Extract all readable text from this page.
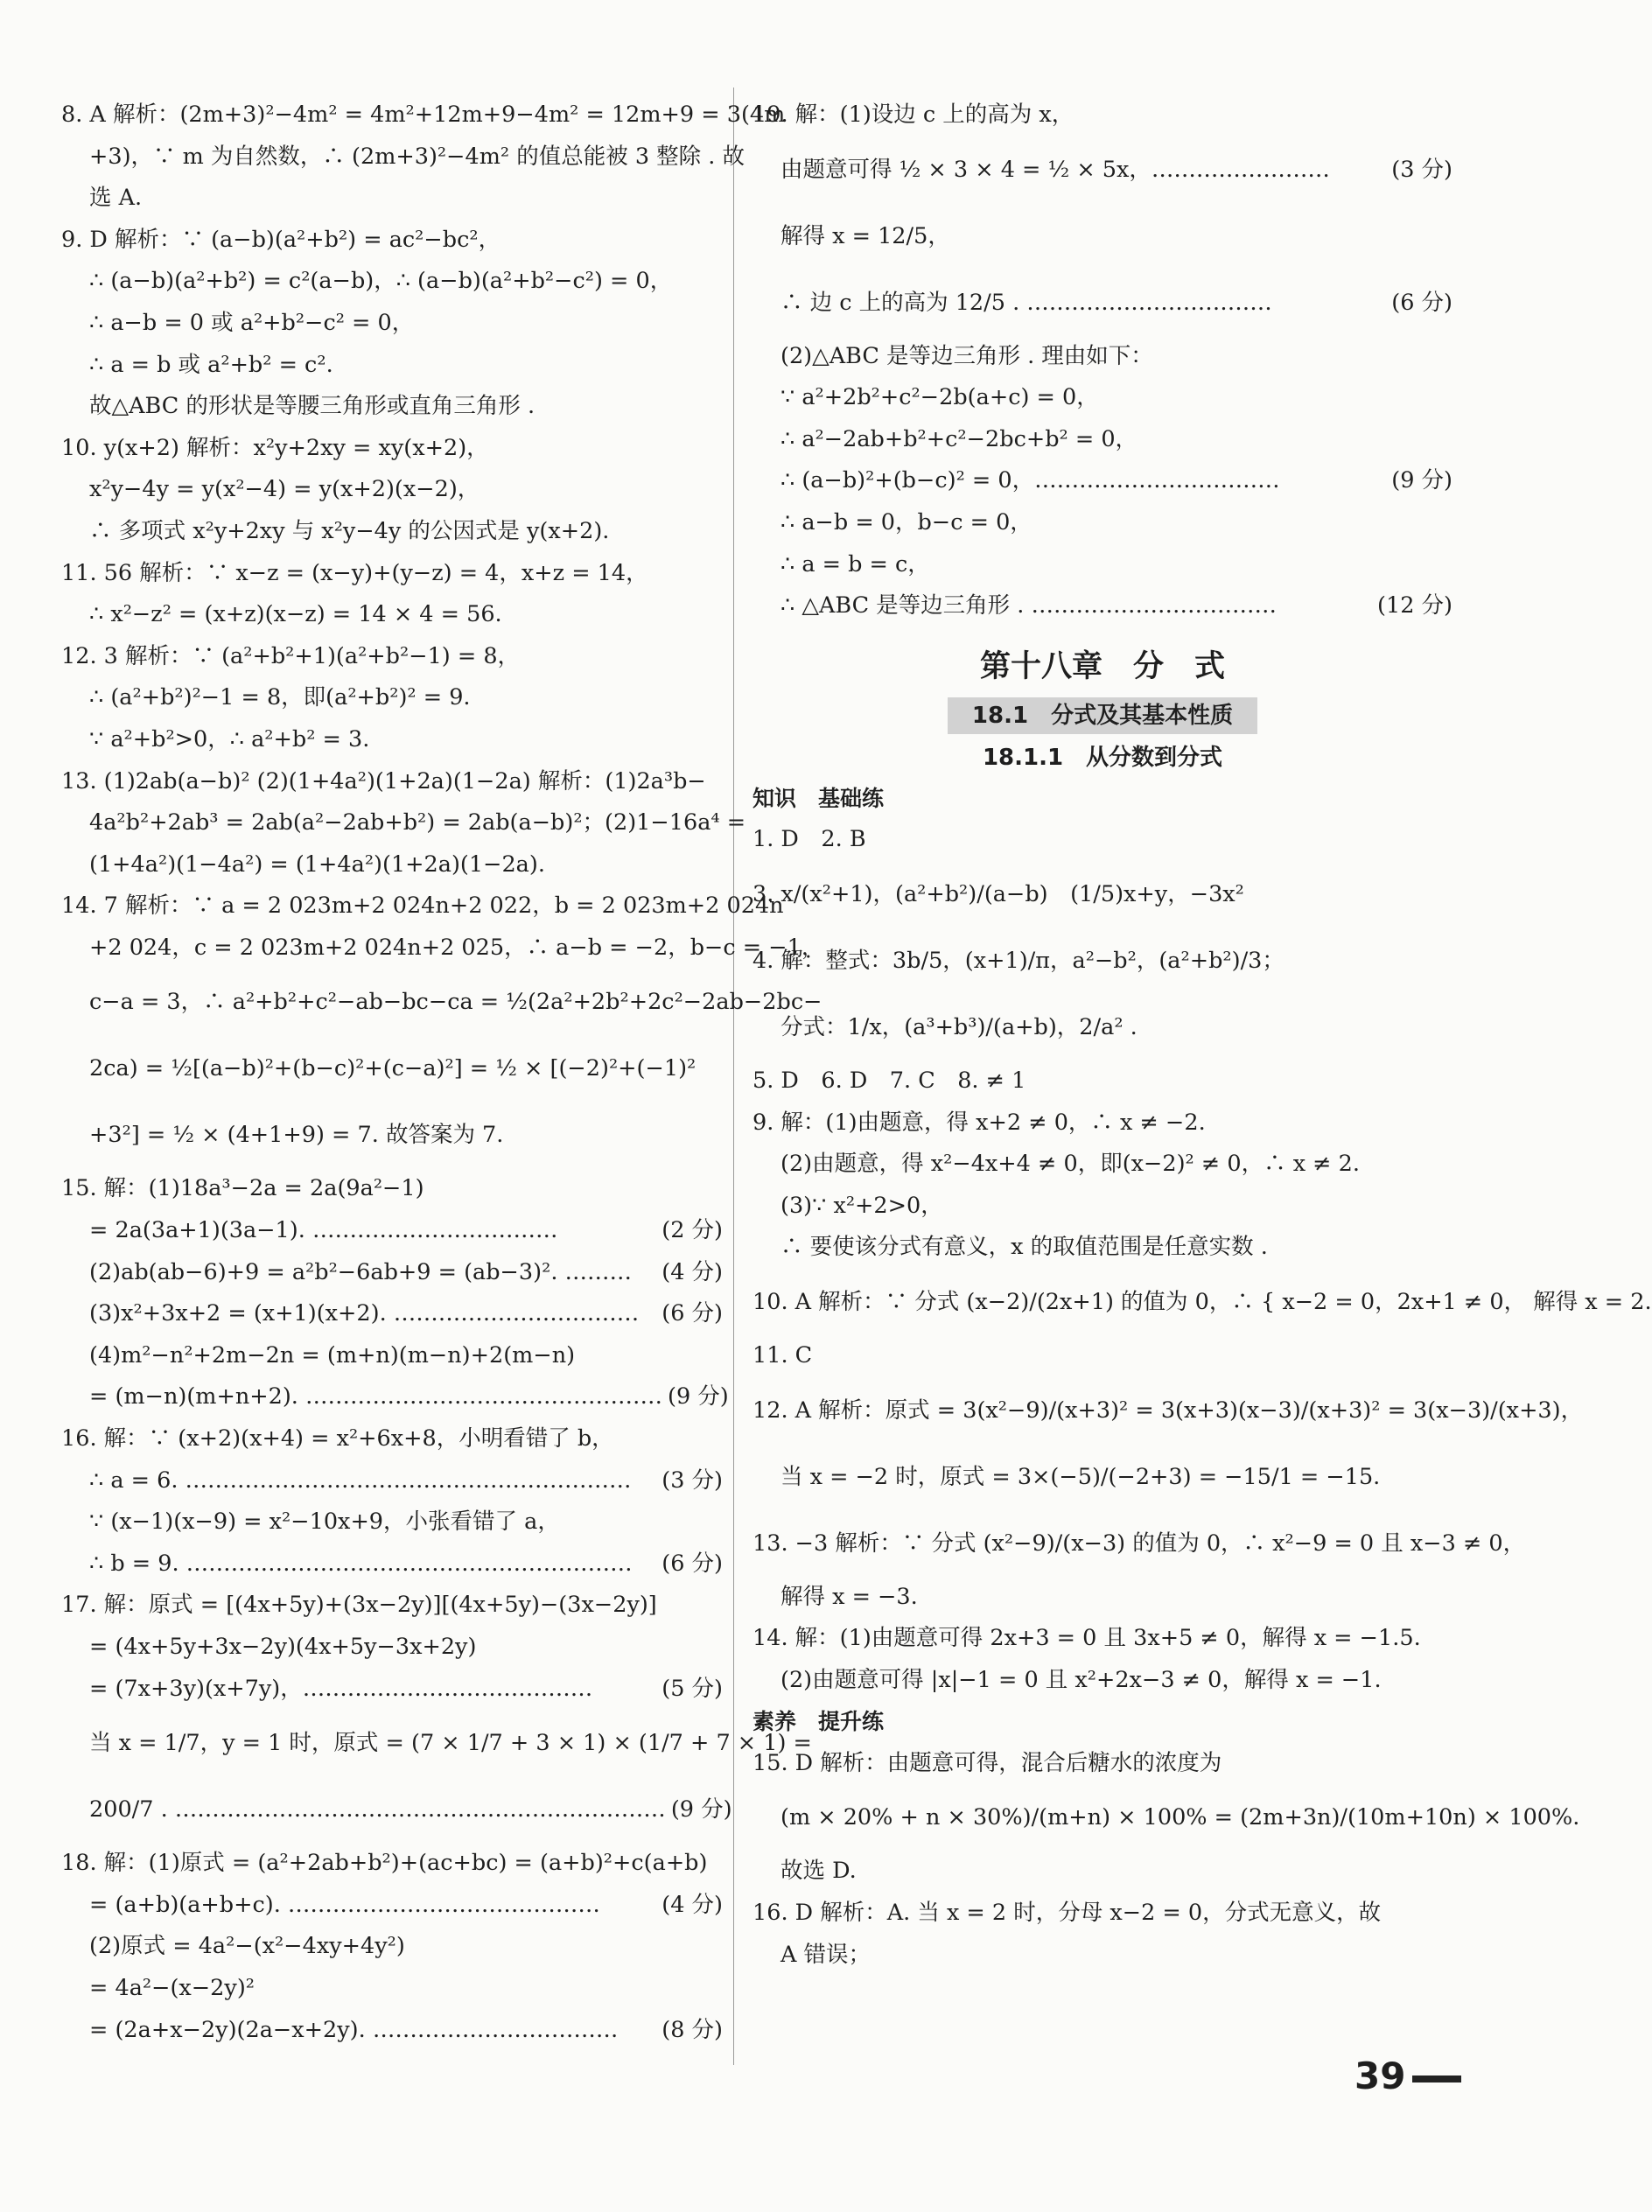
8. A 解析：(2m+3)²−4m² = 4m²+12m+9−4m² = 12m+9 = 3(4m
+3)，∵ m 为自然数，∴ (2m+3)²−4m² 的值总能被 3 整除 . 故
选 A.
9. D 解析：∵ (a−b)(a²+b²) = ac²−bc²，
∴ (a−b)(a²+b²) = c²(a−b)，∴ (a−b)(a²+b²−c²) = 0，
∴ a−b = 0 或 a²+b²−c² = 0，
∴ a = b 或 a²+b² = c².
故△ABC 的形状是等腰三角形或直角三角形 .
10. y(x+2) 解析：x²y+2xy = xy(x+2)，
x²y−4y = y(x²−4) = y(x+2)(x−2)，
∴ 多项式 x²y+2xy 与 x²y−4y 的公因式是 y(x+2).
11. 56 解析：∵ x−z = (x−y)+(y−z) = 4，x+z = 14，
∴ x²−z² = (x+z)(x−z) = 14 × 4 = 56.
12. 3 解析：∵ (a²+b²+1)(a²+b²−1) = 8，
∴ (a²+b²)²−1 = 8，即(a²+b²)² = 9.
∵ a²+b²>0，∴ a²+b² = 3.
13. (1)2ab(a−b)² (2)(1+4a²)(1+2a)(1−2a) 解析：(1)2a³b−
4a²b²+2ab³ = 2ab(a²−2ab+b²) = 2ab(a−b)²；(2)1−16a⁴ =
(1+4a²)(1−4a²) = (1+4a²)(1+2a)(1−2a).
14. 7 解析：∵ a = 2 023m+2 024n+2 022，b = 2 023m+2 024n
+2 024，c = 2 023m+2 024n+2 025，∴ a−b = −2，b−c = −1，
c−a = 3，∴ a²+b²+c²−ab−bc−ca = ½(2a²+2b²+2c²−2ab−2bc−
2ca) = ½[(a−b)²+(b−c)²+(c−a)²] = ½ × [(−2)²+(−1)²
+3²] = ½ × (4+1+9) = 7. 故答案为 7.
15. 解：(1)18a³−2a = 2a(9a²−1)
= 2a(3a+1)(3a−1). ……………………………	(2 分)
(2)ab(ab−6)+9 = a²b²−6ab+9 = (ab−3)². ……… (4 分)
(3)x²+3x+2 = (x+1)(x+2). …………………………… (6 分)
(4)m²−n²+2m−2n = (m+n)(m−n)+2(m−n)
= (m−n)(m+n+2). ………………………………………… (9 分)
16. 解：∵ (x+2)(x+4) = x²+6x+8，小明看错了 b，
∴ a = 6. …………………………………………………… (3 分)
∵ (x−1)(x−9) = x²−10x+9，小张看错了 a，
∴ b = 9. …………………………………………………… (6 分)
17. 解：原式 = [(4x+5y)+(3x−2y)][(4x+5y)−(3x−2y)]
= (4x+5y+3x−2y)(4x+5y−3x+2y)
= (7x+3y)(x+7y)，…………………………………	(5 分)
当 x = 1/7，y = 1 时，原式 = (7 × 1/7 + 3 × 1) × (1/7 + 7 × 1) =
200/7 . ………………………………………………………… (9 分)
18. 解：(1)原式 = (a²+2ab+b²)+(ac+bc) = (a+b)²+c(a+b)
= (a+b)(a+b+c). ……………………………………	(4 分)
(2)原式 = 4a²−(x²−4xy+4y²)
= 4a²−(x−2y)²
= (2a+x−2y)(2a−x+2y). …………………………… (8 分)
19. 解：(1)设边 c 上的高为 x，
由题意可得 ½ × 3 × 4 = ½ × 5x，……………………	(3 分)
解得 x = 12/5，
∴ 边 c 上的高为 12/5 . ……………………………	(6 分)
(2)△ABC 是等边三角形 . 理由如下：
∵ a²+2b²+c²−2b(a+c) = 0，
∴ a²−2ab+b²+c²−2bc+b² = 0，
∴ (a−b)²+(b−c)² = 0，……………………………	(9 分)
∴ a−b = 0，b−c = 0，
∴ a = b = c，
∴ △ABC 是等边三角形 . ……………………………	(12 分)
第十八章　分　式
18.1　分式及其基本性质
18.1.1　从分数到分式
知识　基础练
1. D　2. B
3. x/(x²+1)，(a²+b²)/(a−b)　(1/5)x+y，−3x²
4. 解：整式：3b/5，(x+1)/π，a²−b²，(a²+b²)/3；
分式：1/x，(a³+b³)/(a+b)，2/a² .
5. D　6. D　7. C　8. ≠ 1
9. 解：(1)由题意，得 x+2 ≠ 0，∴ x ≠ −2.
(2)由题意，得 x²−4x+4 ≠ 0，即(x−2)² ≠ 0，∴ x ≠ 2.
(3)∵ x²+2>0，
∴ 要使该分式有意义，x 的取值范围是任意实数 .
10. A 解析：∵ 分式 (x−2)/(2x+1) 的值为 0，∴ { x−2 = 0，2x+1 ≠ 0， 解得 x = 2.
11. C
12. A 解析：原式 = 3(x²−9)/(x+3)² = 3(x+3)(x−3)/(x+3)² = 3(x−3)/(x+3)，
当 x = −2 时，原式 = 3×(−5)/(−2+3) = −15/1 = −15.
13. −3 解析：∵ 分式 (x²−9)/(x−3) 的值为 0，∴ x²−9 = 0 且 x−3 ≠ 0，
解得 x = −3.
14. 解：(1)由题意可得 2x+3 = 0 且 3x+5 ≠ 0，解得 x = −1.5.
(2)由题意可得 |x|−1 = 0 且 x²+2x−3 ≠ 0，解得 x = −1.
素养　提升练
15. D 解析：由题意可得，混合后糖水的浓度为
(m × 20% + n × 30%)/(m+n) × 100% = (2m+3n)/(10m+10n) × 100%.
故选 D.
16. D 解析：A. 当 x = 2 时，分母 x−2 = 0，分式无意义，故
A 错误；
39
